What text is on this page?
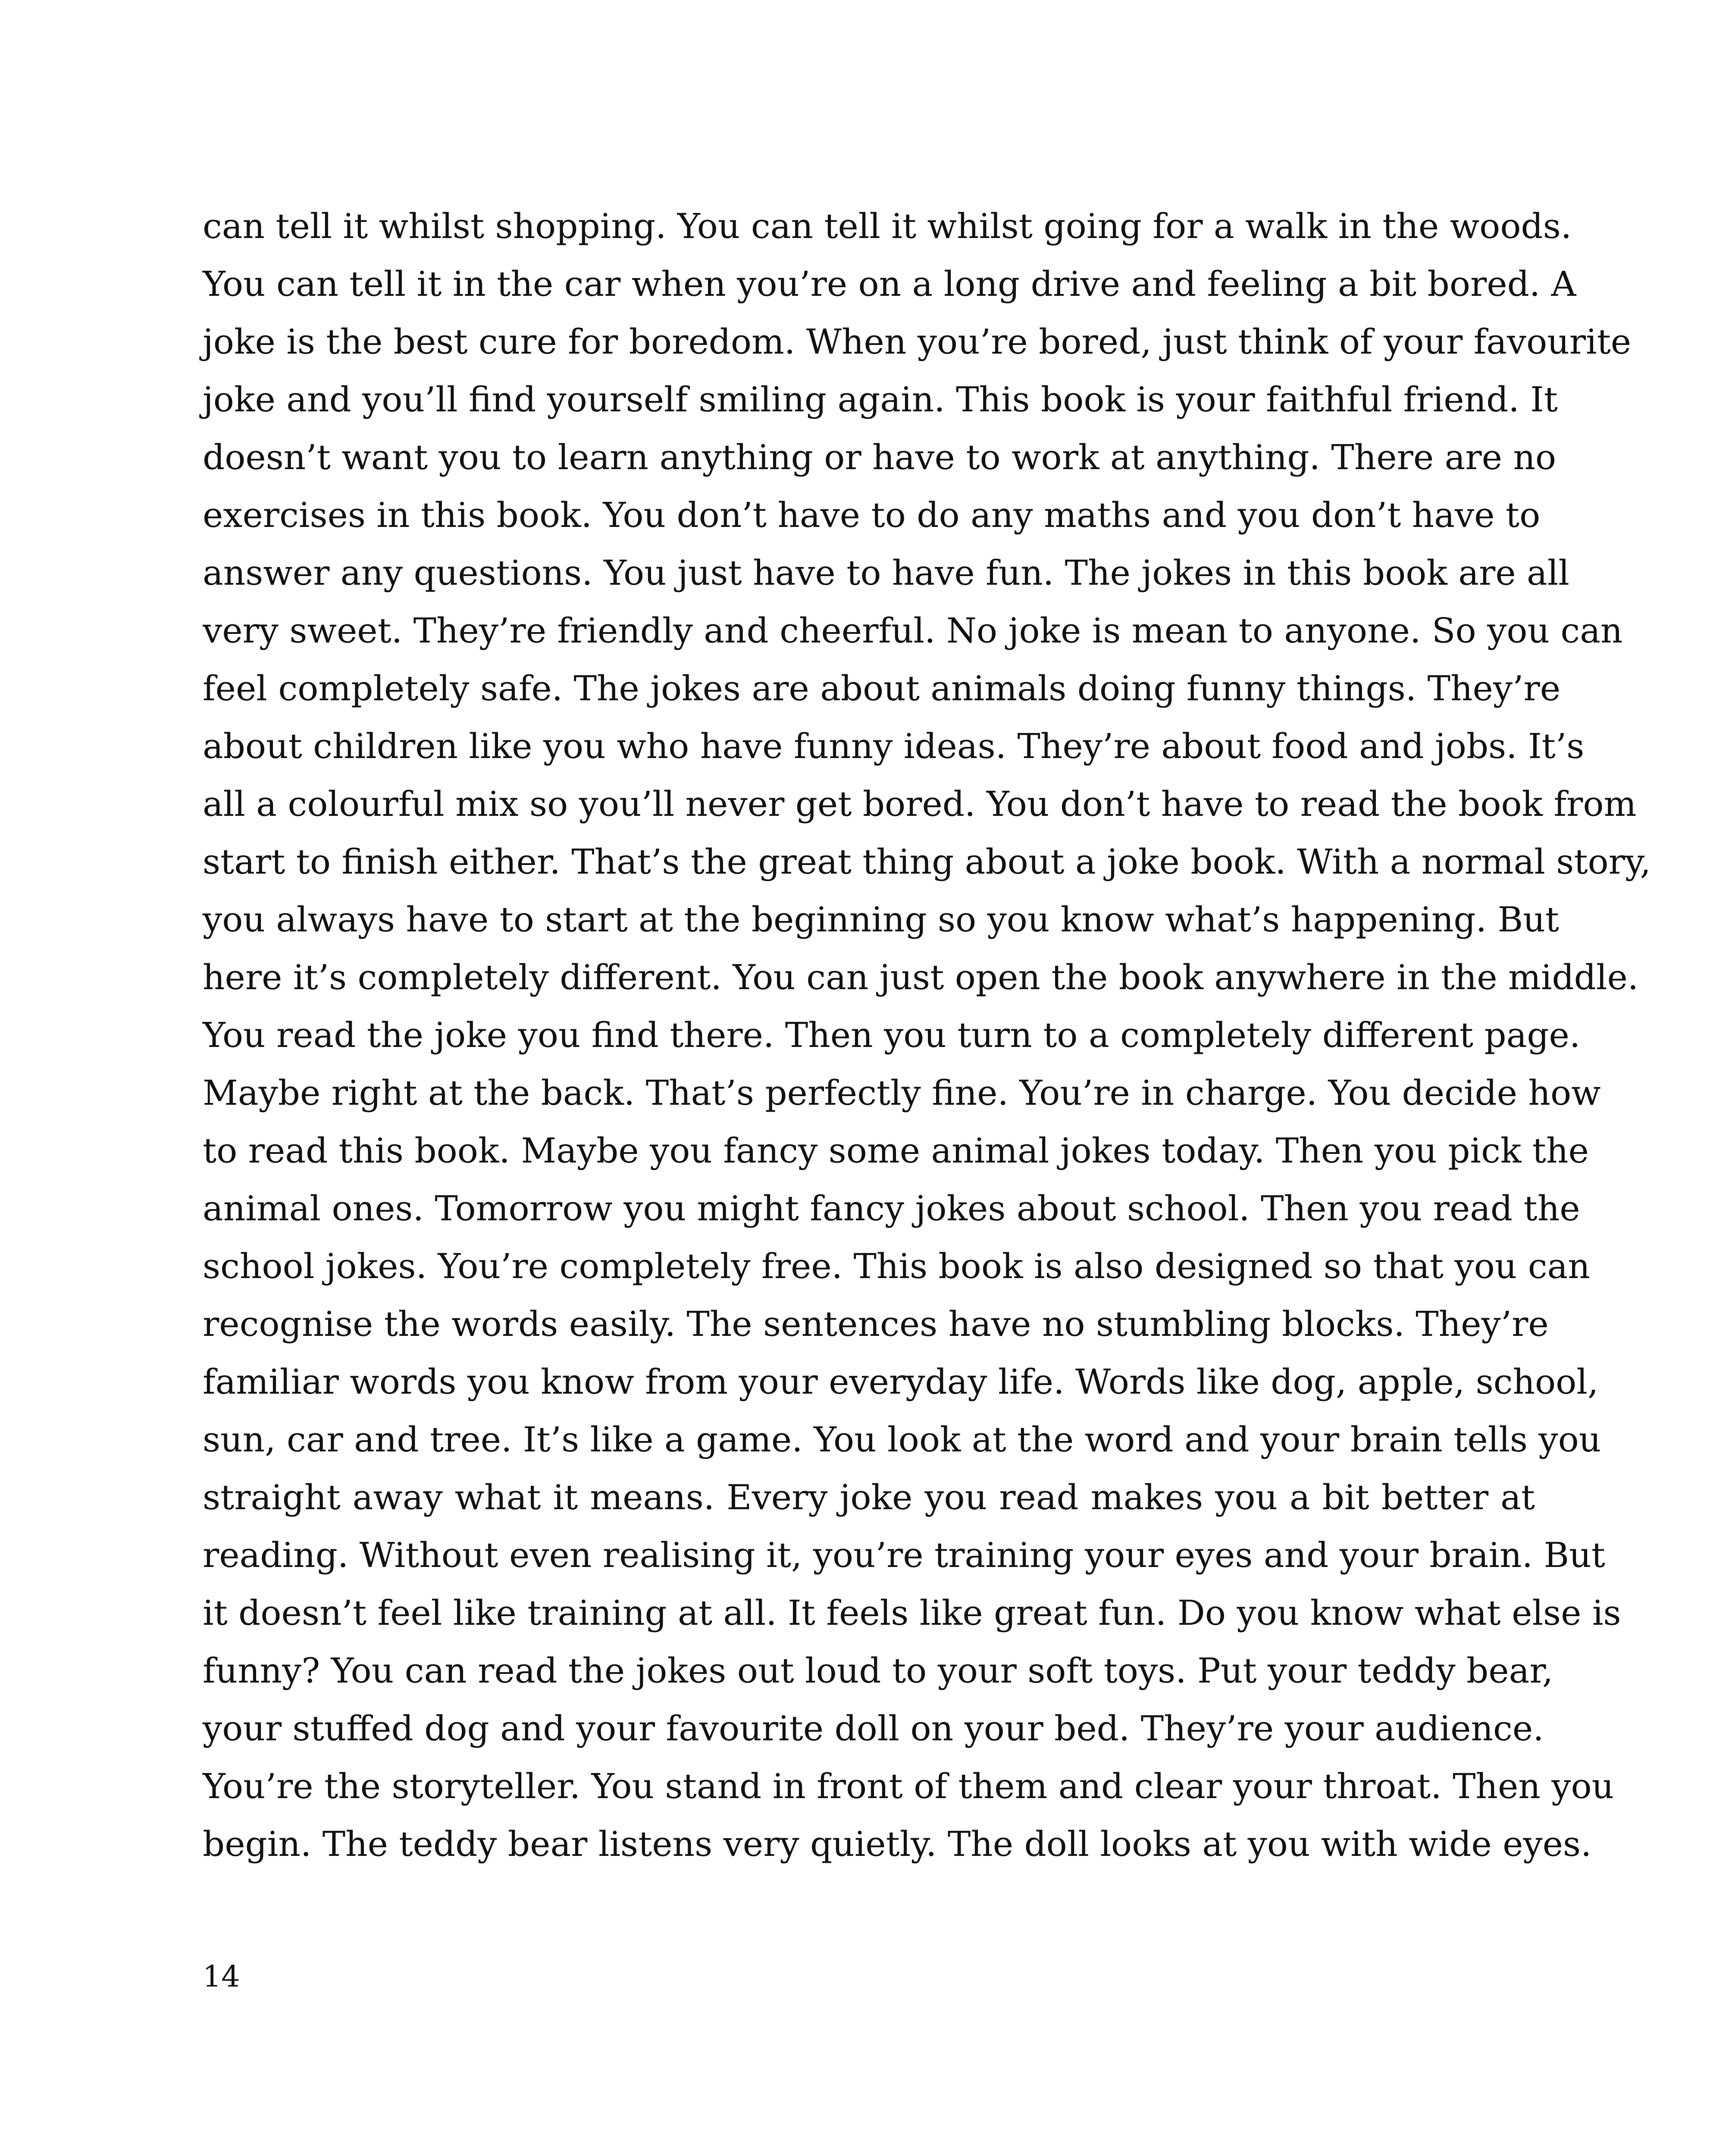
can tell it whilst shopping. You can tell it whilst going for a walk in the woods.
You can tell it in the car when you’re on a long drive and feeling a bit bored. A
joke is the best cure for boredom. When you’re bored, just think of your favourite
joke and you’ll find yourself smiling again. This book is your faithful friend. It
doesn’t want you to learn anything or have to work at anything. There are no
exercises in this book. You don’t have to do any maths and you don’t have to
answer any questions. You just have to have fun. The jokes in this book are all
very sweet. They’re friendly and cheerful. No joke is mean to anyone. So you can
feel completely safe. The jokes are about animals doing funny things. They’re
about children like you who have funny ideas. They’re about food and jobs. It’s
all a colourful mix so you’ll never get bored. You don’t have to read the book from
start to finish either. That’s the great thing about a joke book. With a normal story,
you always have to start at the beginning so you know what’s happening. But
here it’s completely different. You can just open the book anywhere in the middle.
You read the joke you find there. Then you turn to a completely different page.
Maybe right at the back. That’s perfectly fine. You’re in charge. You decide how
to read this book. Maybe you fancy some animal jokes today. Then you pick the
animal ones. Tomorrow you might fancy jokes about school. Then you read the
school jokes. You’re completely free. This book is also designed so that you can
recognise the words easily. The sentences have no stumbling blocks. They’re
familiar words you know from your everyday life. Words like dog, apple, school,
sun, car and tree. It’s like a game. You look at the word and your brain tells you
straight away what it means. Every joke you read makes you a bit better at
reading. Without even realising it, you’re training your eyes and your brain. But
it doesn’t feel like training at all. It feels like great fun. Do you know what else is
funny? You can read the jokes out loud to your soft toys. Put your teddy bear,
your stuffed dog and your favourite doll on your bed. They’re your audience.
You’re the storyteller. You stand in front of them and clear your throat. Then you
begin. The teddy bear listens very quietly. The doll looks at you with wide eyes.
14
